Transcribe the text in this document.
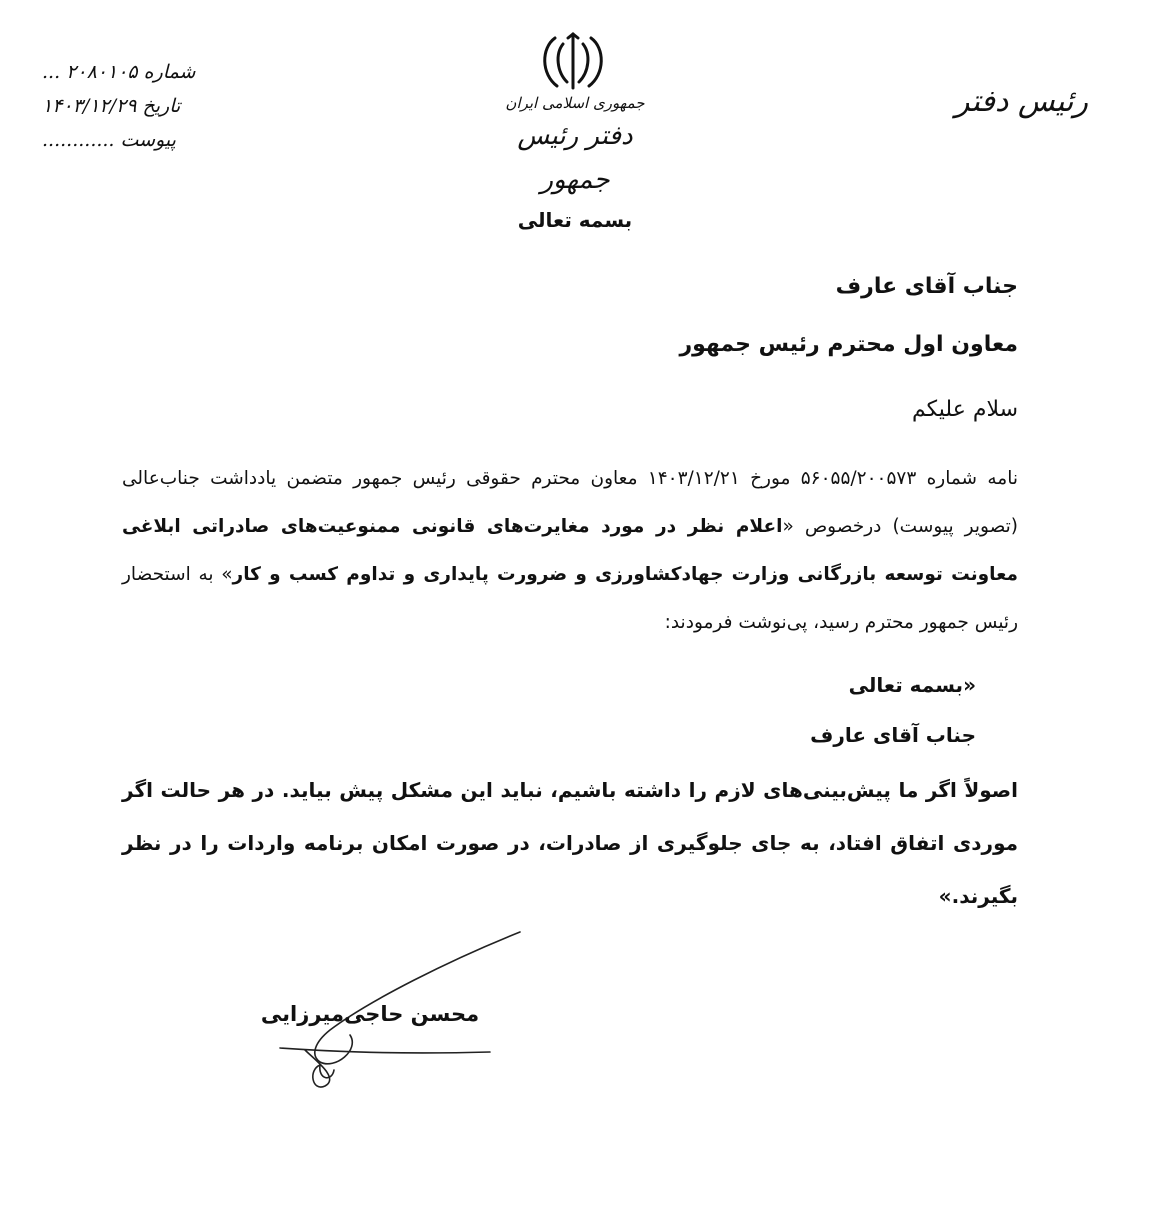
شماره ۲۰۸۰۱۰۵ ...
تاریخ ۱۴۰۳/۱۲/۲۹
پیوست ............
جمهوری اسلامی ایران
دفتر رئیس جمهور
رئیس دفتر
بسمه تعالی
جناب آقای عارف
معاون اول محترم رئیس جمهور
سلام علیکم
نامه شماره ۵۶۰۵۵/۲۰۰۵۷۳ مورخ ۱۴۰۳/۱۲/۲۱ معاون محترم حقوقی رئیس جمهور متضمن یادداشت جناب‌عالی (تصویر پیوست) درخصوص «اعلام نظر در مورد مغایرت‌های قانونی ممنوعیت‌های صادراتی ابلاغی معاونت توسعه بازرگانی وزارت جهادکشاورزی و ضرورت پایداری و تداوم کسب و کار» به استحضار رئیس جمهور محترم رسید، پی‌نوشت فرمودند:
«بسمه تعالی
جناب آقای عارف
اصولاً اگر ما پیش‌بینی‌های لازم را داشته باشیم، نباید این مشکل پیش بیاید. در هر حالت اگر موردی اتفاق افتاد، به جای جلوگیری از صادرات، در صورت امکان برنامه واردات را در نظر بگیرند.»
محسن حاجی‌میرزایی
